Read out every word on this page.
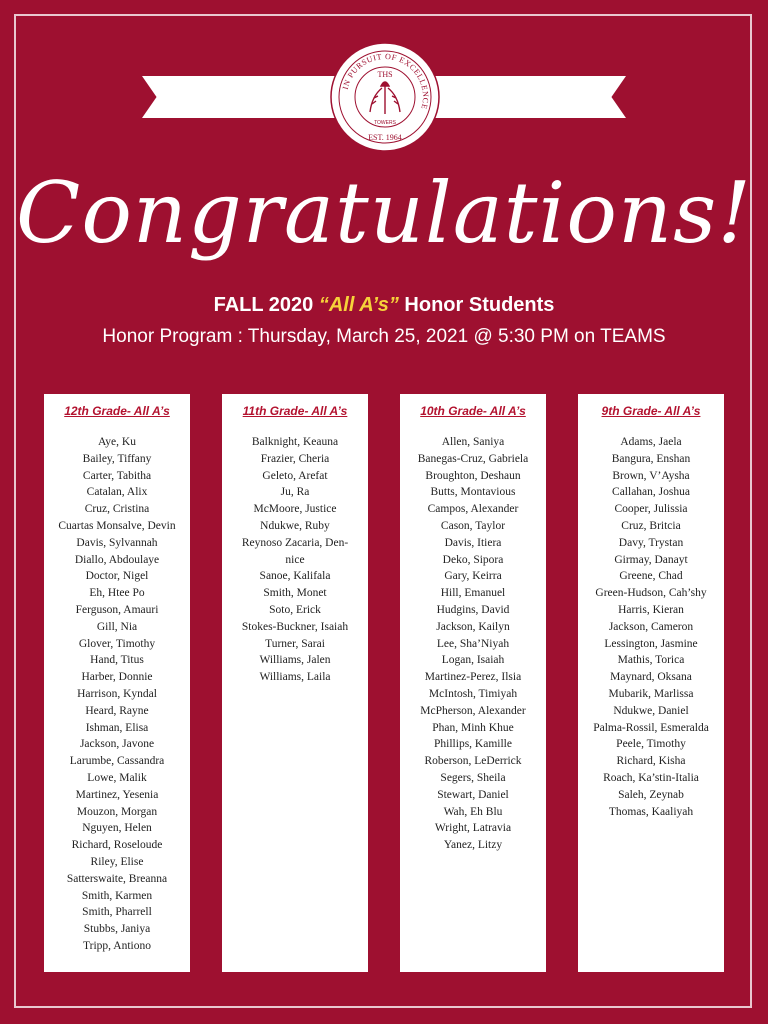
IN PURSUIT OF EXCELLENCE
THS
TOWERS
EST. 1964
Congratulations!
FALL 2020 “All A’s” Honor Students
Honor Program : Thursday, March 25, 2021 @ 5:30 PM on TEAMS
12th Grade- All A’s
Aye, Ku
Bailey, Tiffany
Carter, Tabitha
Catalan, Alix
Cruz, Cristina
Cuartas Monsalve, Devin
Davis, Sylvannah
Diallo, Abdoulaye
Doctor, Nigel
Eh, Htee Po
Ferguson, Amauri
Gill, Nia
Glover, Timothy
Hand, Titus
Harber, Donnie
Harrison, Kyndal
Heard, Rayne
Ishman, Elisa
Jackson, Javone
Larumbe, Cassandra
Lowe, Malik
Martinez, Yesenia
Mouzon, Morgan
Nguyen, Helen
Richard, Roseloude
Riley, Elise
Satterswaite, Breanna
Smith, Karmen
Smith, Pharrell
Stubbs, Janiya
Tripp, Antiono
11th Grade- All A’s
Balknight, Keauna
Frazier, Cheria
Geleto, Arefat
Ju, Ra
McMoore, Justice
Ndukwe, Ruby
Reynoso Zacaria, Den-
nice
Sanoe, Kalifala
Smith, Monet
Soto, Erick
Stokes-Buckner, Isaiah
Turner, Sarai
Williams, Jalen
Williams, Laila
10th Grade- All A’s
Allen, Saniya
Banegas-Cruz, Gabriela
Broughton, Deshaun
Butts, Montavious
Campos, Alexander
Cason, Taylor
Davis, Itiera
Deko, Sipora
Gary, Keirra
Hill, Emanuel
Hudgins, David
Jackson, Kailyn
Lee, Sha’Niyah
Logan, Isaiah
Martinez-Perez, Ilsia
McIntosh, Timiyah
McPherson, Alexander
Phan, Minh Khue
Phillips, Kamille
Roberson, LeDerrick
Segers, Sheila
Stewart, Daniel
Wah, Eh Blu
Wright, Latravia
Yanez, Litzy
9th Grade- All A’s
Adams, Jaela
Bangura, Enshan
Brown, V’Aysha
Callahan, Joshua
Cooper, Julissia
Cruz, Britcia
Davy, Trystan
Girmay, Danayt
Greene, Chad
Green-Hudson, Cah’shy
Harris, Kieran
Jackson, Cameron
Lessington, Jasmine
Mathis, Torica
Maynard, Oksana
Mubarik, Marlissa
Ndukwe, Daniel
Palma-Rossil, Esmeralda
Peele, Timothy
Richard, Kisha
Roach, Ka’stin-Italia
Saleh, Zeynab
Thomas, Kaaliyah
